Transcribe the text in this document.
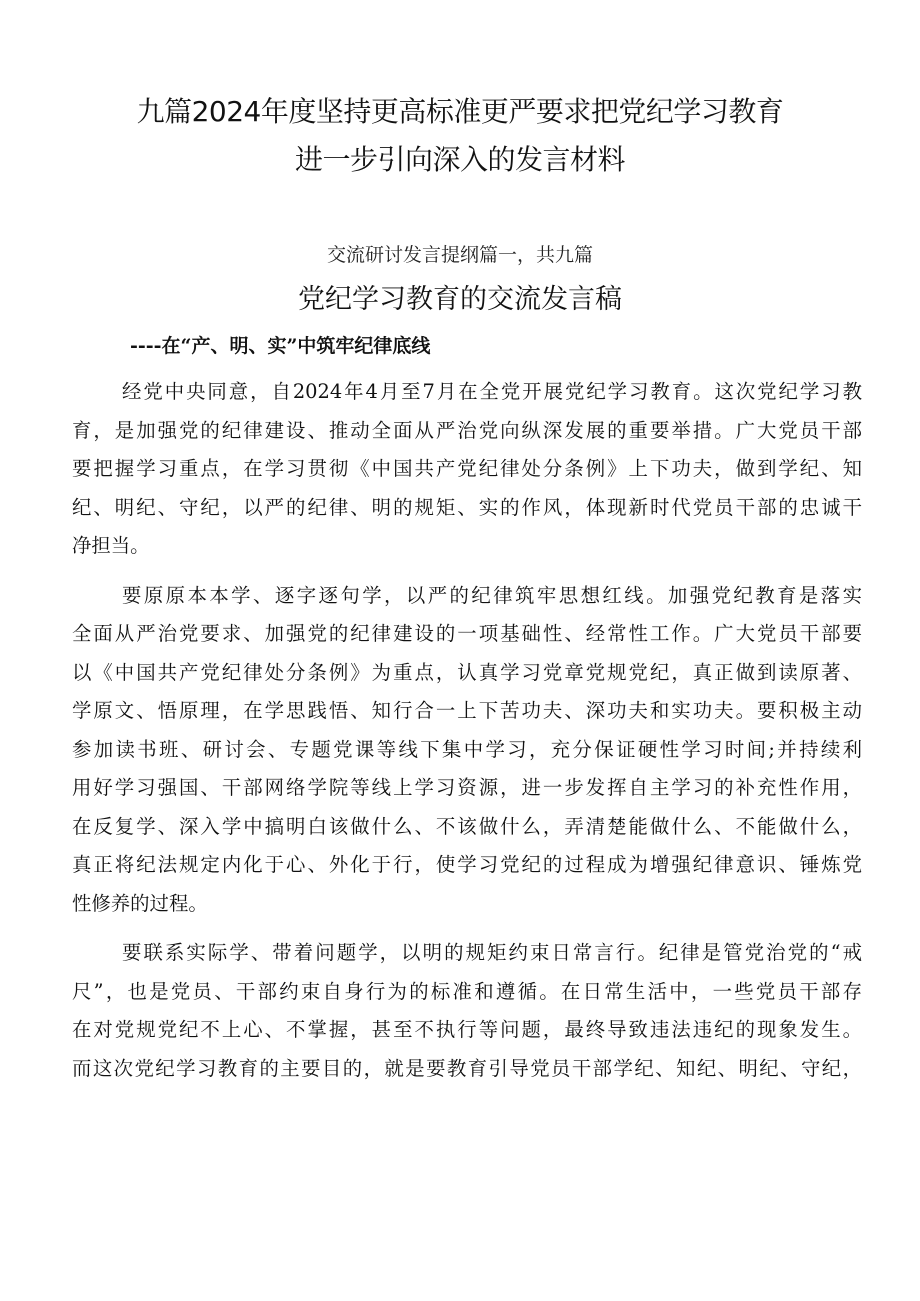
九篇2024年度坚持更高标准更严要求把党纪学习教育
进一步引向深入的发言材料
交流研讨发言提纲篇一，共九篇
党纪学习教育的交流发言稿
----在“产、明、实”中筑牢纪律底线
经党中央同意，自2024年4月至7月在全党开展党纪学习教育。这次党纪学习教
育，是加强党的纪律建设、推动全面从严治党向纵深发展的重要举措。广大党员干部
要把握学习重点，在学习贯彻《中国共产党纪律处分条例》上下功夫，做到学纪、知
纪、明纪、守纪，以严的纪律、明的规矩、实的作风，体现新时代党员干部的忠诚干
净担当。
要原原本本学、逐字逐句学，以严的纪律筑牢思想红线。加强党纪教育是落实
全面从严治党要求、加强党的纪律建设的一项基础性、经常性工作。广大党员干部要
以《中国共产党纪律处分条例》为重点，认真学习党章党规党纪，真正做到读原著、
学原文、悟原理，在学思践悟、知行合一上下苦功夫、深功夫和实功夫。要积极主动
参加读书班、研讨会、专题党课等线下集中学习，充分保证硬性学习时间;并持续利
用好学习强国、干部网络学院等线上学习资源，进一步发挥自主学习的补充性作用，
在反复学、深入学中搞明白该做什么、不该做什么，弄清楚能做什么、不能做什么，
真正将纪法规定内化于心、外化于行，使学习党纪的过程成为增强纪律意识、锤炼党
性修养的过程。
要联系实际学、带着问题学，以明的规矩约束日常言行。纪律是管党治党的“戒
尺”，也是党员、干部约束自身行为的标准和遵循。在日常生活中，一些党员干部存
在对党规党纪不上心、不掌握，甚至不执行等问题，最终导致违法违纪的现象发生。
而这次党纪学习教育的主要目的，就是要教育引导党员干部学纪、知纪、明纪、守纪，
